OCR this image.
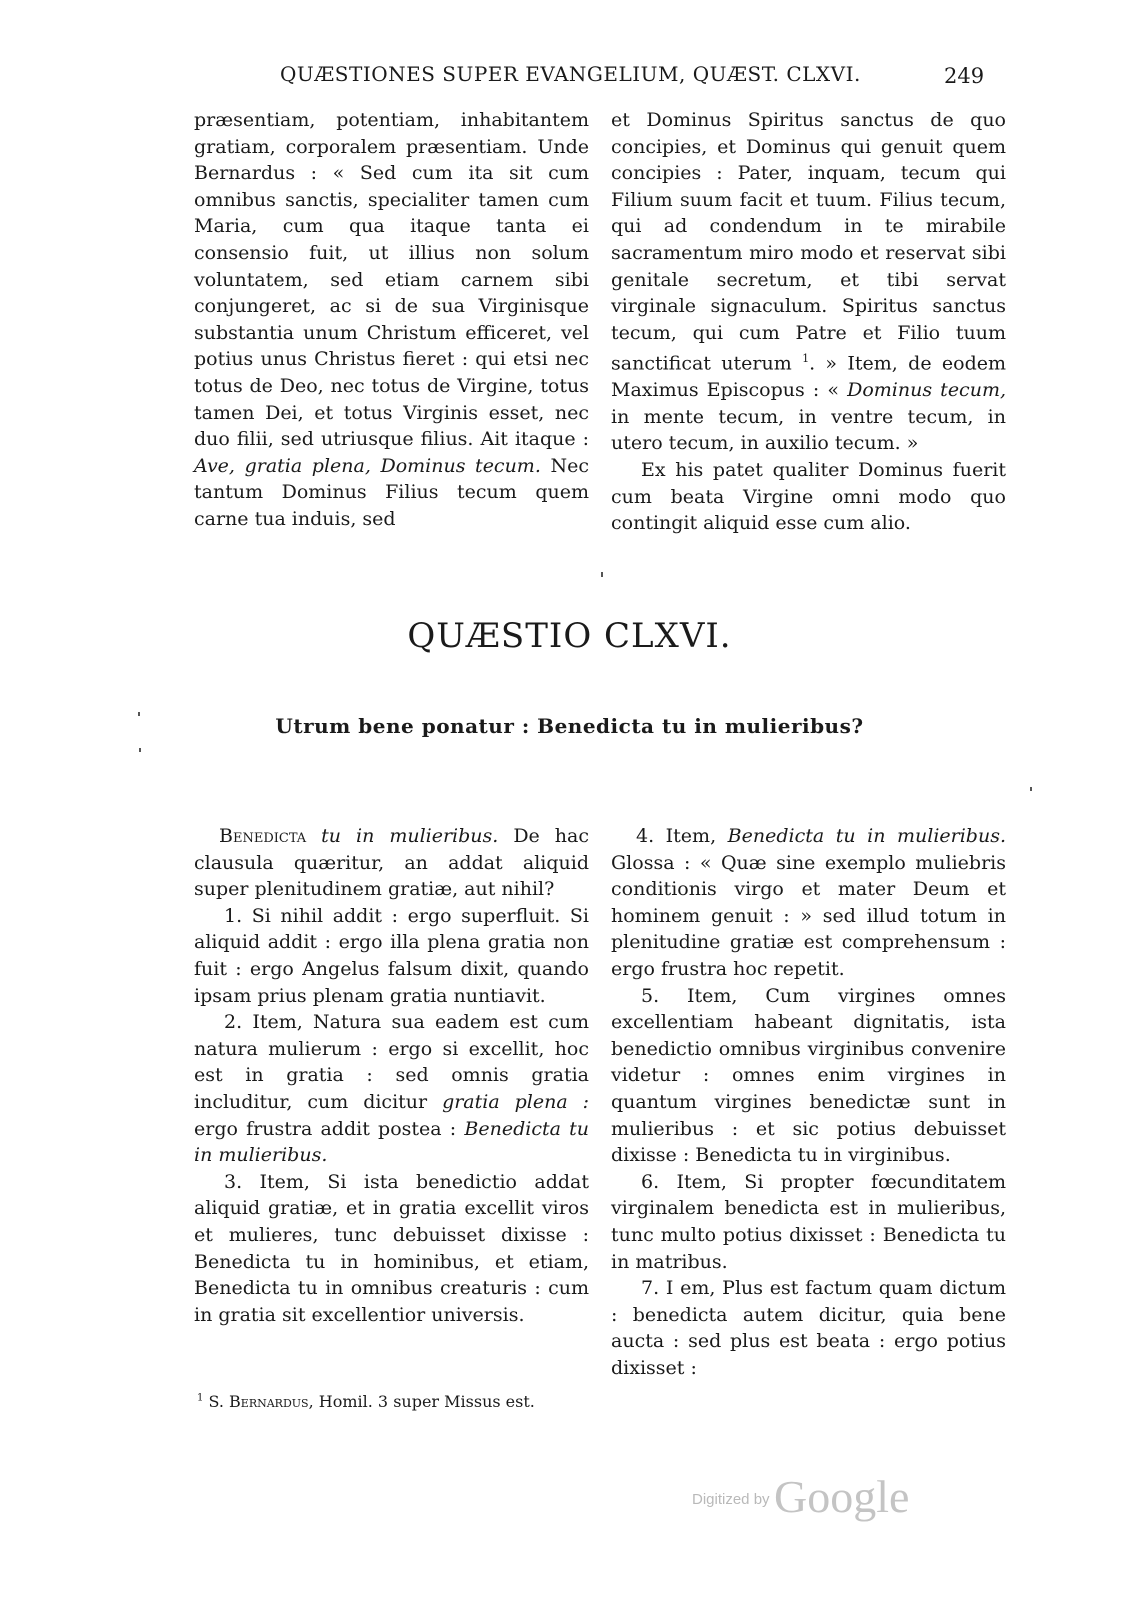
QUÆSTIONES SUPER EVANGELIUM, QUÆST. CLXVI.	249

præsentiam, potentiam, inhabitantem gratiam, corporalem præsentiam. Unde Bernardus : « Sed cum ita sit cum omnibus sanctis, specialiter tamen cum Maria, cum qua itaque tanta ei consensio fuit, ut illius non solum voluntatem, sed etiam carnem sibi conjungeret, ac si de sua Virginisque substantia unum Christum efficeret, vel potius unus Christus fieret : qui etsi nec totus de Deo, nec totus de Virgine, totus tamen Dei, et totus Virginis esset, nec duo filii, sed utriusque filius. Ait itaque : Ave, gratia plena, Dominus tecum. Nec tantum Dominus Filius tecum quem carne tua induis, sed

et Dominus Spiritus sanctus de quo concipies, et Dominus qui genuit quem concipies : Pater, inquam, tecum qui Filium suum facit et tuum. Filius tecum, qui ad condendum in te mirabile sacramentum miro modo et reservat sibi genitale secretum, et tibi servat virginale signaculum. Spiritus sanctus tecum, qui cum Patre et Filio tuum sanctificat uterum $^1$. » Item, de eodem Maximus Episcopus : « Dominus tecum, in mente tecum, in ventre tecum, in utero tecum, in auxilio tecum. »

Ex his patet qualiter Dominus fuerit cum beata Virgine omni modo quo contingit aliquid esse cum alio.

QUÆSTIO CLXVI.
Utrum bene ponatur : Benedicta tu in mulieribus?

Benedicta tu in mulieribus. De hac clausula quæritur, an addat aliquid super plenitudinem gratiæ, aut nihil?

1. Si nihil addit : ergo superfluit. Si aliquid addit : ergo illa plena gratia non fuit : ergo Angelus falsum dixit, quando ipsam prius plenam gratia nuntiavit.

2. Item, Natura sua eadem est cum natura mulierum : ergo si excellit, hoc est in gratia : sed omnis gratia includitur, cum dicitur gratia plena : ergo frustra addit postea : Benedicta tu in mulieribus.

3. Item, Si ista benedictio addat aliquid gratiæ, et in gratia excellit viros et mulieres, tunc debuisset dixisse : Benedicta tu in hominibus, et etiam, Benedicta tu in omnibus creaturis : cum in gratia sit excellentior universis.

4. Item, Benedicta tu in mulieribus. Glossa : « Quæ sine exemplo muliebris conditionis virgo et mater Deum et hominem genuit : » sed illud totum in plenitudine gratiæ est comprehensum : ergo frustra hoc repetit.

5. Item, Cum virgines omnes excellentiam habeant dignitatis, ista benedictio omnibus virginibus convenire videtur : omnes enim virgines in quantum virgines benedictæ sunt in mulieribus : et sic potius debuisset dixisse : Benedicta tu in virginibus.

6. Item, Si propter fœcunditatem virginalem benedicta est in mulieribus, tunc multo potius dixisset : Benedicta tu in matribus.

7. I em, Plus est factum quam dictum : benedicta autem dicitur, quia bene aucta : sed plus est beata : ergo potius dixisset :

$^1$ S. Bernardus, Homil. 3 super Missus est.
Digitized by Google
